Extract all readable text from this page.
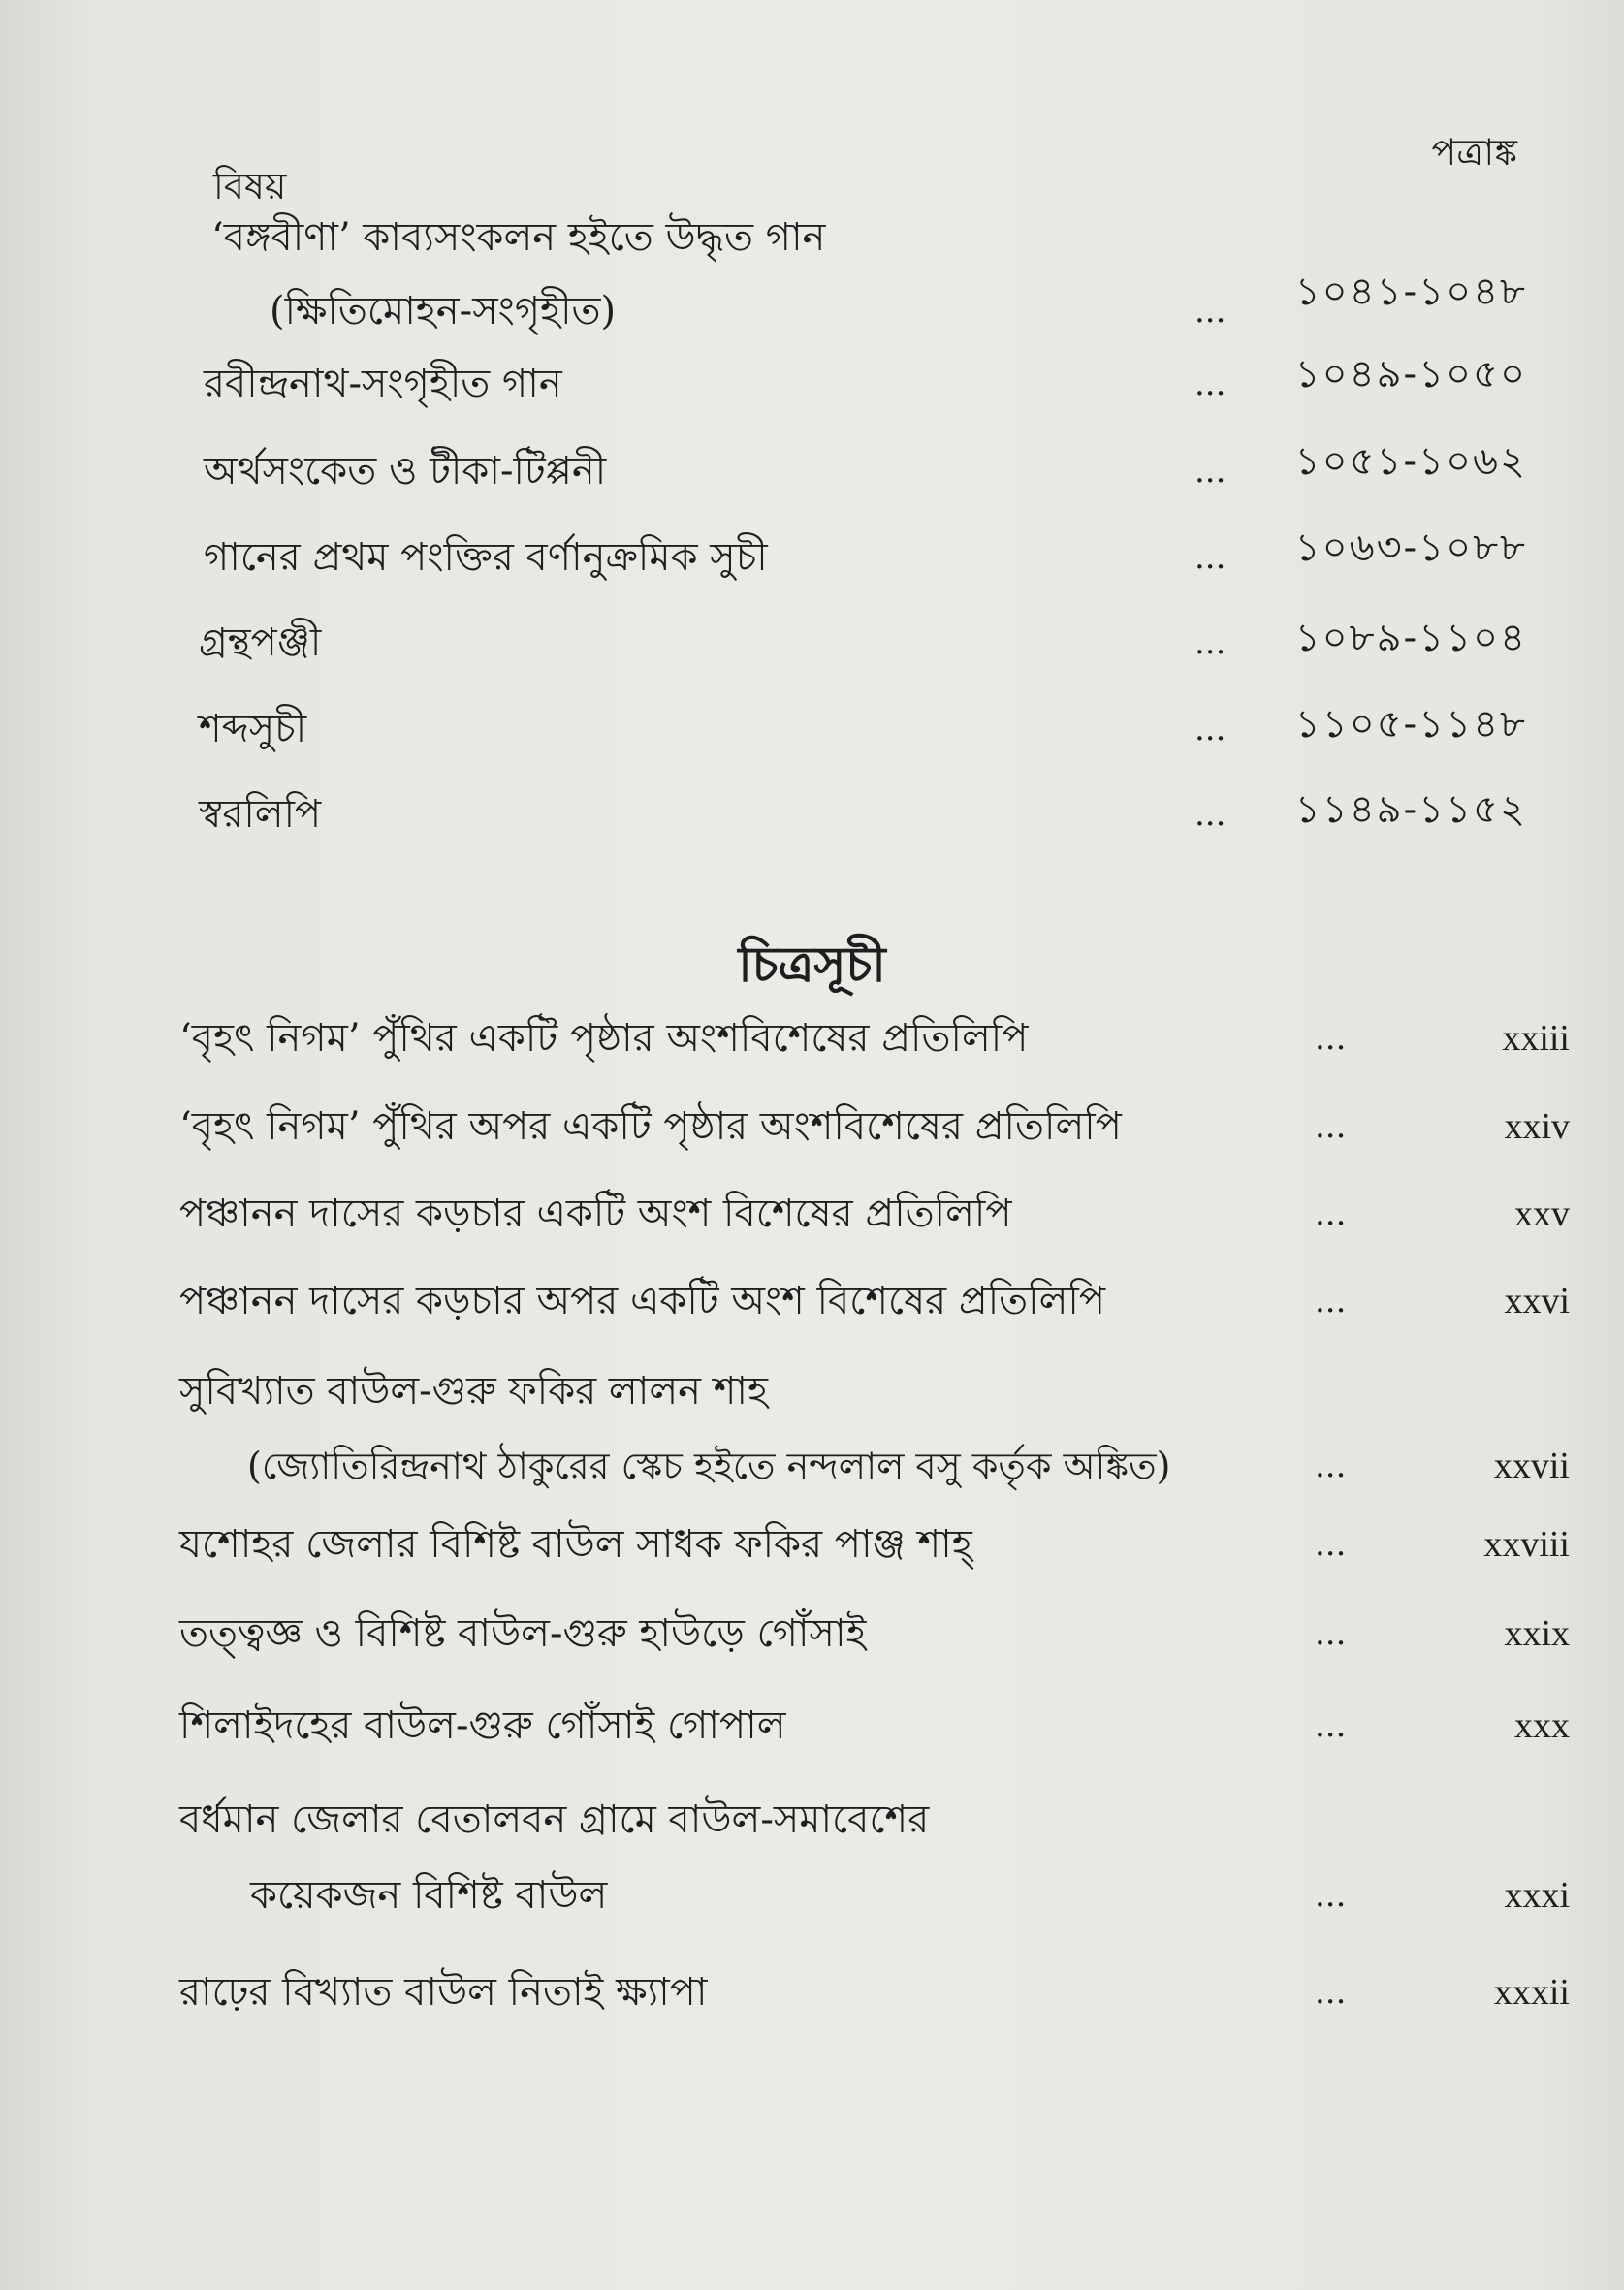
বিষয়
পত্রাঙ্ক
‘বঙ্গবীণা’ কাব্যসংকলন হইতে উদ্ধৃত গান
(ক্ষিতিমোহন-সংগৃহীত)	... ১০৪১-১০৪৮
রবীন্দ্রনাথ-সংগৃহীত গান	... ১০৪৯-১০৫০
অর্থসংকেত ও টীকা-টিপ্পনী	... ১০৫১-১০৬২
গানের প্রথম পংক্তির বর্ণানুক্রমিক সুচী	... ১০৬৩-১০৮৮
গ্রন্থপঞ্জী	... ১০৮৯-১১০৪
শব্দসুচী	... ১১০৫-১১৪৮
স্বরলিপি	... ১১৪৯-১১৫২
চিত্রসূচী
‘বৃহৎ নিগম’ পুঁথির একটি পৃষ্ঠার অংশবিশেষের প্রতিলিপি	...	xxiii
‘বৃহৎ নিগম’ পুঁথির অপর একটি পৃষ্ঠার অংশবিশেষের প্রতিলিপি	...	xxiv
পঞ্চানন দাসের কড়চার একটি অংশ বিশেষের প্রতিলিপি	...	xxv
পঞ্চানন দাসের কড়চার অপর একটি অংশ বিশেষের প্রতিলিপি	...	xxvi
সুবিখ্যাত বাউল-গুরু ফকির লালন শাহ
(জ্যোতিরিন্দ্রনাথ ঠাকুরের স্কেচ হইতে নন্দলাল বসু কর্তৃক অঙ্কিত)	...	xxvii
যশোহর জেলার বিশিষ্ট বাউল সাধক ফকির পাঞ্জ শাহ্‌	...	xxviii
তত্ত্বজ্ঞ ও বিশিষ্ট বাউল-গুরু হাউড়ে গোঁসাই	...	xxix
শিলাইদহের বাউল-গুরু গোঁসাই গোপাল	...	xxx
বর্ধমান জেলার বেতালবন গ্রামে বাউল-সমাবেশের
কয়েকজন বিশিষ্ট বাউল	...	xxxi
রাঢ়ের বিখ্যাত বাউল নিতাই ক্ষ্যাপা	...	xxxii
